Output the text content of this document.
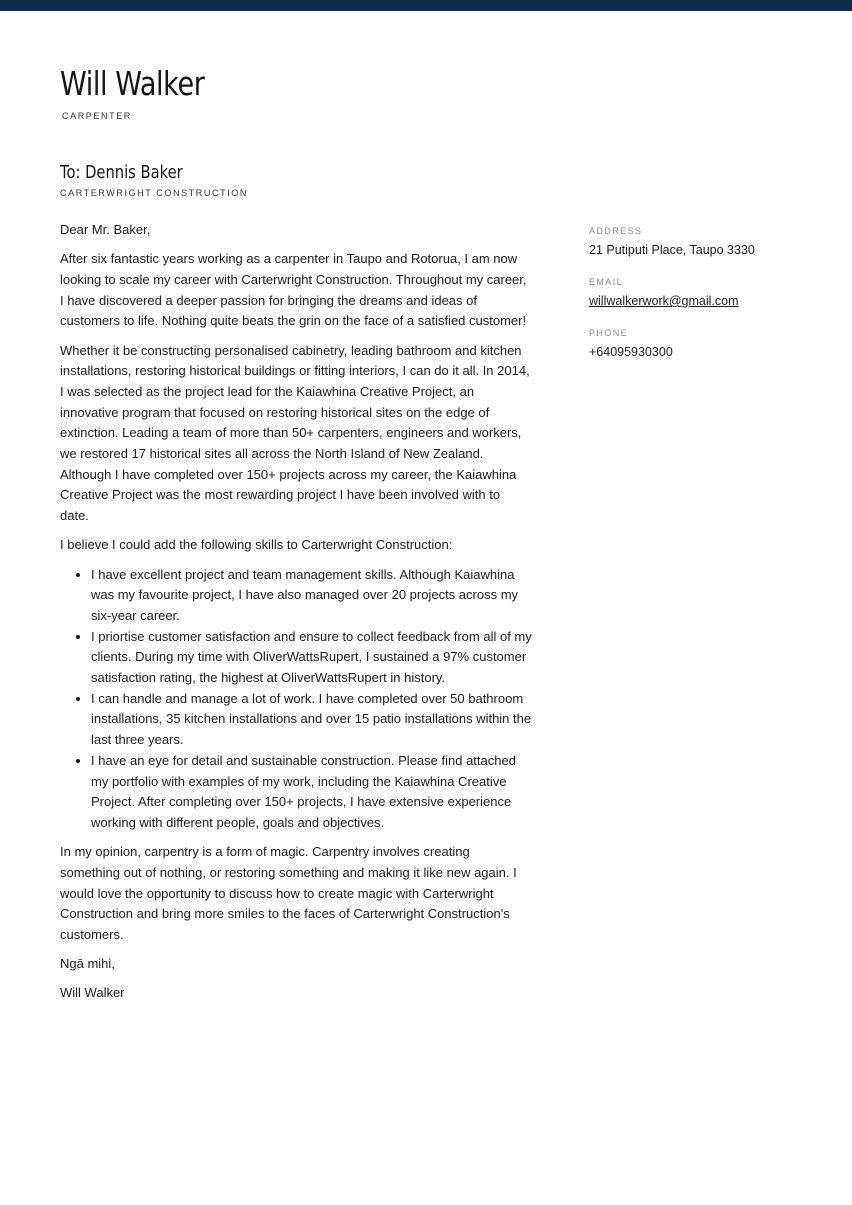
Will Walker
CARPENTER
To: Dennis Baker
CARTERWRIGHT CONSTRUCTION

Dear Mr. Baker,

After six fantastic years working as a carpenter in Taupo and Rotorua, I am now looking to scale my career with Carterwright Construction. Throughout my career, I have discovered a deeper passion for bringing the dreams and ideas of customers to life. Nothing quite beats the grin on the face of a satisfied customer!

Whether it be constructing personalised cabinetry, leading bathroom and kitchen installations, restoring historical buildings or fitting interiors, I can do it all. In 2014, I was selected as the project lead for the Kaiawhina Creative Project, an innovative program that focused on restoring historical sites on the edge of extinction. Leading a team of more than 50+ carpenters, engineers and workers, we restored 17 historical sites all across the North Island of New Zealand. Although I have completed over 150+ projects across my career, the Kaiawhina Creative Project was the most rewarding project I have been involved with to date.

I believe I could add the following skills to Carterwright Construction:

• I have excellent project and team management skills. Although Kaiawhina was my favourite project, I have also managed over 20 projects across my six-year career.
• I priortise customer satisfaction and ensure to collect feedback from all of my clients. During my time with OliverWattsRupert, I sustained a 97% customer satisfaction rating, the highest at OliverWattsRupert in history.
• I can handle and manage a lot of work. I have completed over 50 bathroom installations, 35 kitchen installations and over 15 patio installations within the last three years.
• I have an eye for detail and sustainable construction. Please find attached my portfolio with examples of my work, including the Kaiawhina Creative Project. After completing over 150+ projects, I have extensive experience working with different people, goals and objectives.

In my opinion, carpentry is a form of magic. Carpentry involves creating something out of nothing, or restoring something and making it like new again. I would love the opportunity to discuss how to create magic with Carterwright Construction and bring more smiles to the faces of Carterwright Construction's customers.

Ngā mihi,

Will Walker

ADDRESS
21 Putiputi Place, Taupo 3330
EMAIL
willwalkerwork@gmail.com
PHONE
+64095930300
